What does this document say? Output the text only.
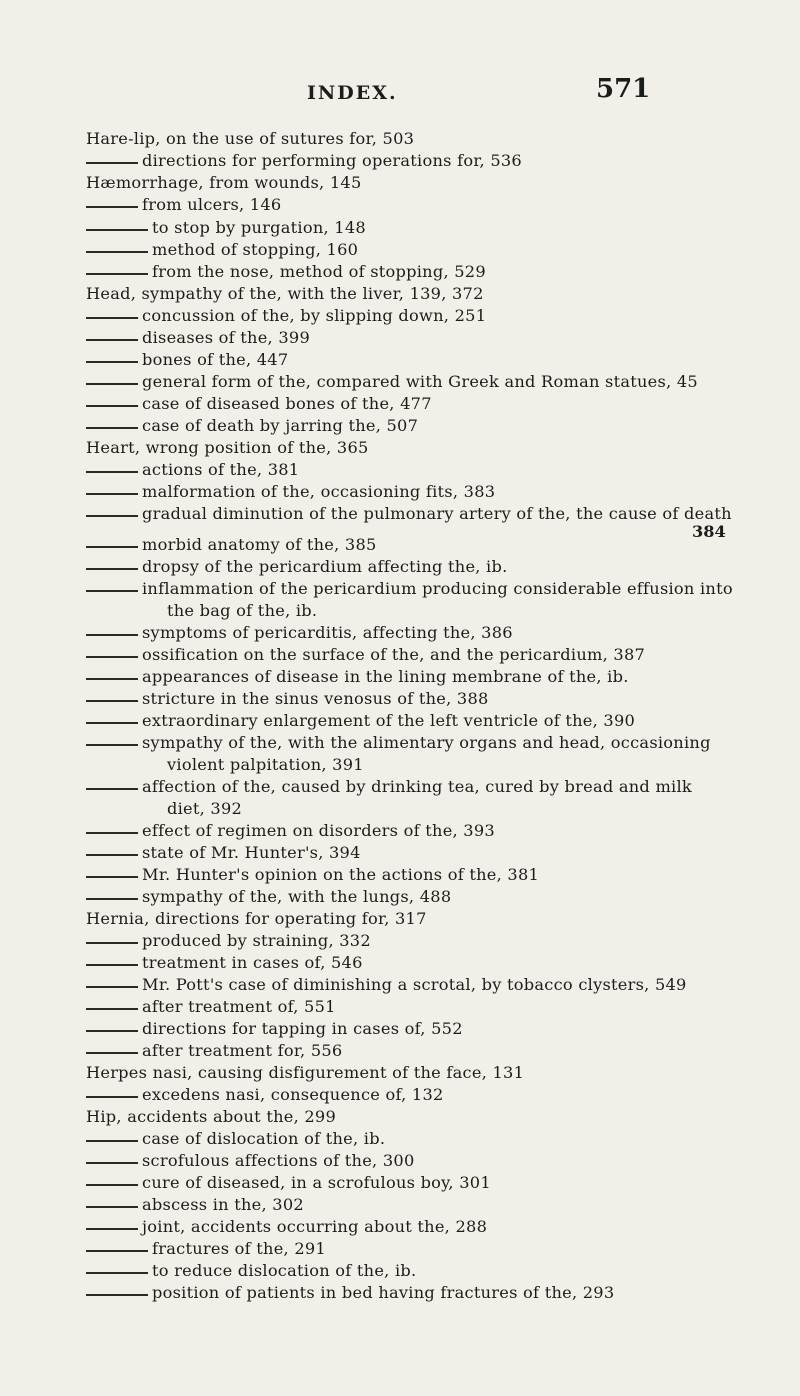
INDEX.	571
Hare-lip, on the use of sutures for, 503
directions for performing operations for, 536
Hæmorrhage, from wounds, 145
from ulcers, 146
to stop by purgation, 148
method of stopping, 160
from the nose, method of stopping, 529
Head, sympathy of the, with the liver, 139, 372
concussion of the, by slipping down, 251
diseases of the, 399
bones of the, 447
general form of the, compared with Greek and Roman statues, 45
case of diseased bones of the, 477
case of death by jarring the, 507
Heart, wrong position of the, 365
actions of the, 381
malformation of the, occasioning fits, 383
gradual diminution of the pulmonary artery of the, the cause of death
384
morbid anatomy of the, 385
dropsy of the pericardium affecting the, ib.
inflammation of the pericardium producing considerable effusion into
the bag of the, ib.
symptoms of pericarditis, affecting the, 386
ossification on the surface of the, and the pericardium, 387
appearances of disease in the lining membrane of the, ib.
stricture in the sinus venosus of the, 388
extraordinary enlargement of the left ventricle of the, 390
sympathy of the, with the alimentary organs and head, occasioning
violent palpitation, 391
affection of the, caused by drinking tea, cured by bread and milk
diet, 392
effect of regimen on disorders of the, 393
state of Mr. Hunter's, 394
Mr. Hunter's opinion on the actions of the, 381
sympathy of the, with the lungs, 488
Hernia, directions for operating for, 317
produced by straining, 332
treatment in cases of, 546
Mr. Pott's case of diminishing a scrotal, by tobacco clysters, 549
after treatment of, 551
directions for tapping in cases of, 552
after treatment for, 556
Herpes nasi, causing disfigurement of the face, 131
excedens nasi, consequence of, 132
Hip, accidents about the, 299
case of dislocation of the, ib.
scrofulous affections of the, 300
cure of diseased, in a scrofulous boy, 301
abscess in the, 302
joint, accidents occurring about the, 288
fractures of the, 291
to reduce dislocation of the, ib.
position of patients in bed having fractures of the, 293
